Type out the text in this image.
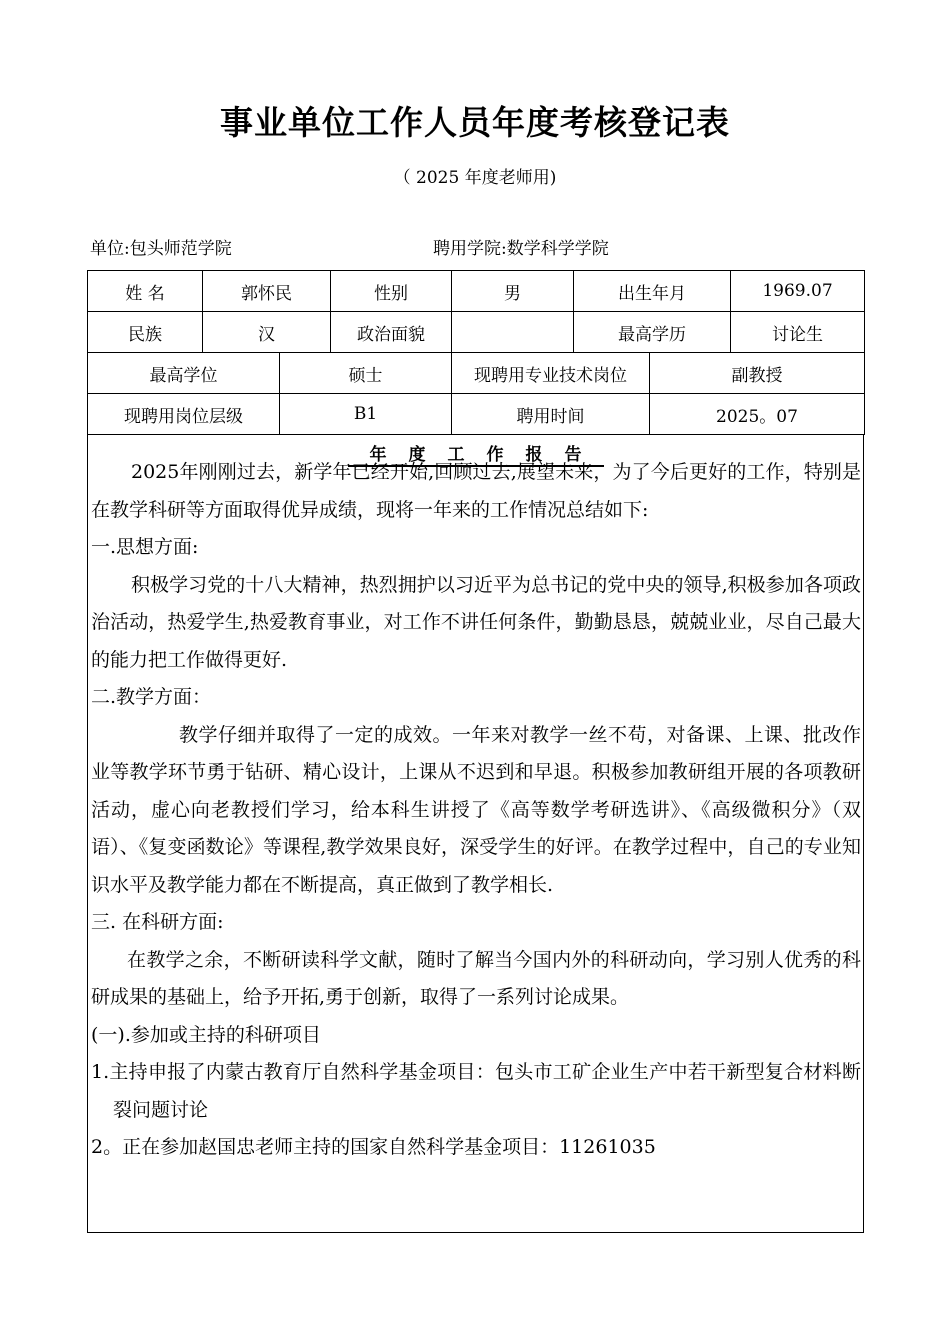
事业单位工作人员年度考核登记表
（ 2025 年度老师用)
单位:包头师范学院	聘用学院:数学科学学院
姓 名	郭怀民		性别	男	出生年月		1969.07
民族	汉		政治面貌		最高学历		讨论生
最高学位		硕士		现聘用专业技术岗位		副教授	
现聘用岗位层级		B1		聘用时间		2025。07	
年度工作报告

2025年刚刚过去，新学年已经开始,回顾过去,展望未来，为了今后更好的工作，特别是在教学科研等方面取得优异成绩，现将一年来的工作情况总结如下:

一.思想方面:

积极学习党的十八大精神，热烈拥护以习近平为总书记的党中央的领导,积极参加各项政治活动，热爱学生,热爱教育事业，对工作不讲任何条件，勤勤恳恳，兢兢业业，尽自己最大的能力把工作做得更好.

二.教学方面：

教学仔细并取得了一定的成效。一年来对教学一丝不苟，对备课、上课、批改作业等教学环节勇于钻研、精心设计，上课从不迟到和早退。积极参加教研组开展的各项教研活动，虚心向老教授们学习，给本科生讲授了《高等数学考研选讲》、《高级微积分》（双语）、《复变函数论》等课程,教学效果良好，深受学生的好评。在教学过程中，自己的专业知识水平及教学能力都在不断提高，真正做到了教学相长.

三. 在科研方面:

在教学之余，不断研读科学文献，随时了解当今国内外的科研动向，学习别人优秀的科研成果的基础上，给予开拓,勇于创新，取得了一系列讨论成果。

(一).参加或主持的科研项目

1.主持申报了内蒙古教育厅自然科学基金项目：包头市工矿企业生产中若干新型复合材料断裂问题讨论

2。正在参加赵国忠老师主持的国家自然科学基金项目：11261035
